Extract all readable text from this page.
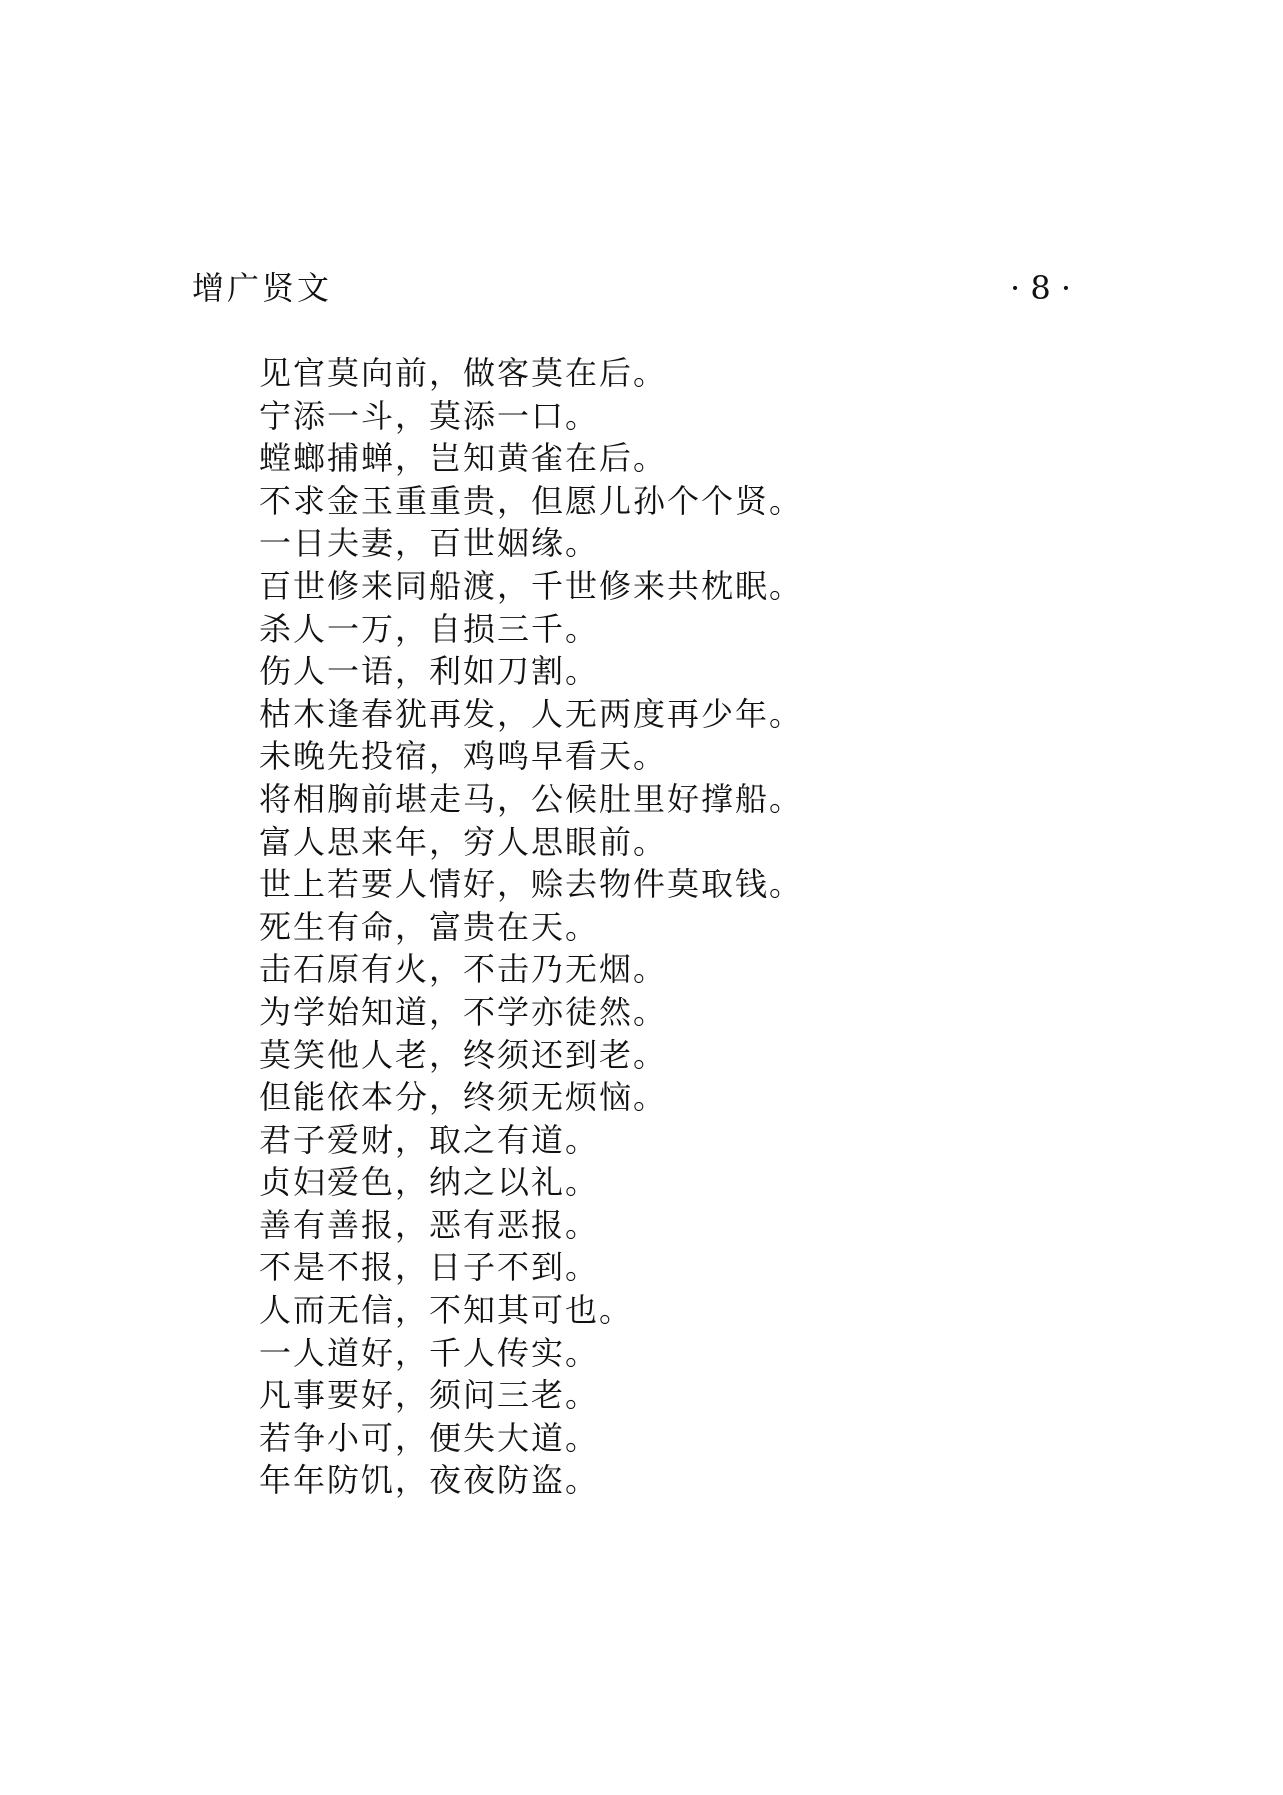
增广贤文	· 8 ·
见官莫向前，做客莫在后。
宁添一斗，莫添一口。
螳螂捕蝉，岂知黄雀在后。
不求金玉重重贵，但愿儿孙个个贤。
一日夫妻，百世姻缘。
百世修来同船渡，千世修来共枕眠。
杀人一万，自损三千。
伤人一语，利如刀割。
枯木逢春犹再发，人无两度再少年。
未晚先投宿，鸡鸣早看天。
将相胸前堪走马，公候肚里好撑船。
富人思来年，穷人思眼前。
世上若要人情好，赊去物件莫取钱。
死生有命，富贵在天。
击石原有火，不击乃无烟。
为学始知道，不学亦徒然。
莫笑他人老，终须还到老。
但能依本分，终须无烦恼。
君子爱财，取之有道。
贞妇爱色，纳之以礼。
善有善报，恶有恶报。
不是不报，日子不到。
人而无信，不知其可也。
一人道好，千人传实。
凡事要好，须问三老。
若争小可，便失大道。
年年防饥，夜夜防盗。
